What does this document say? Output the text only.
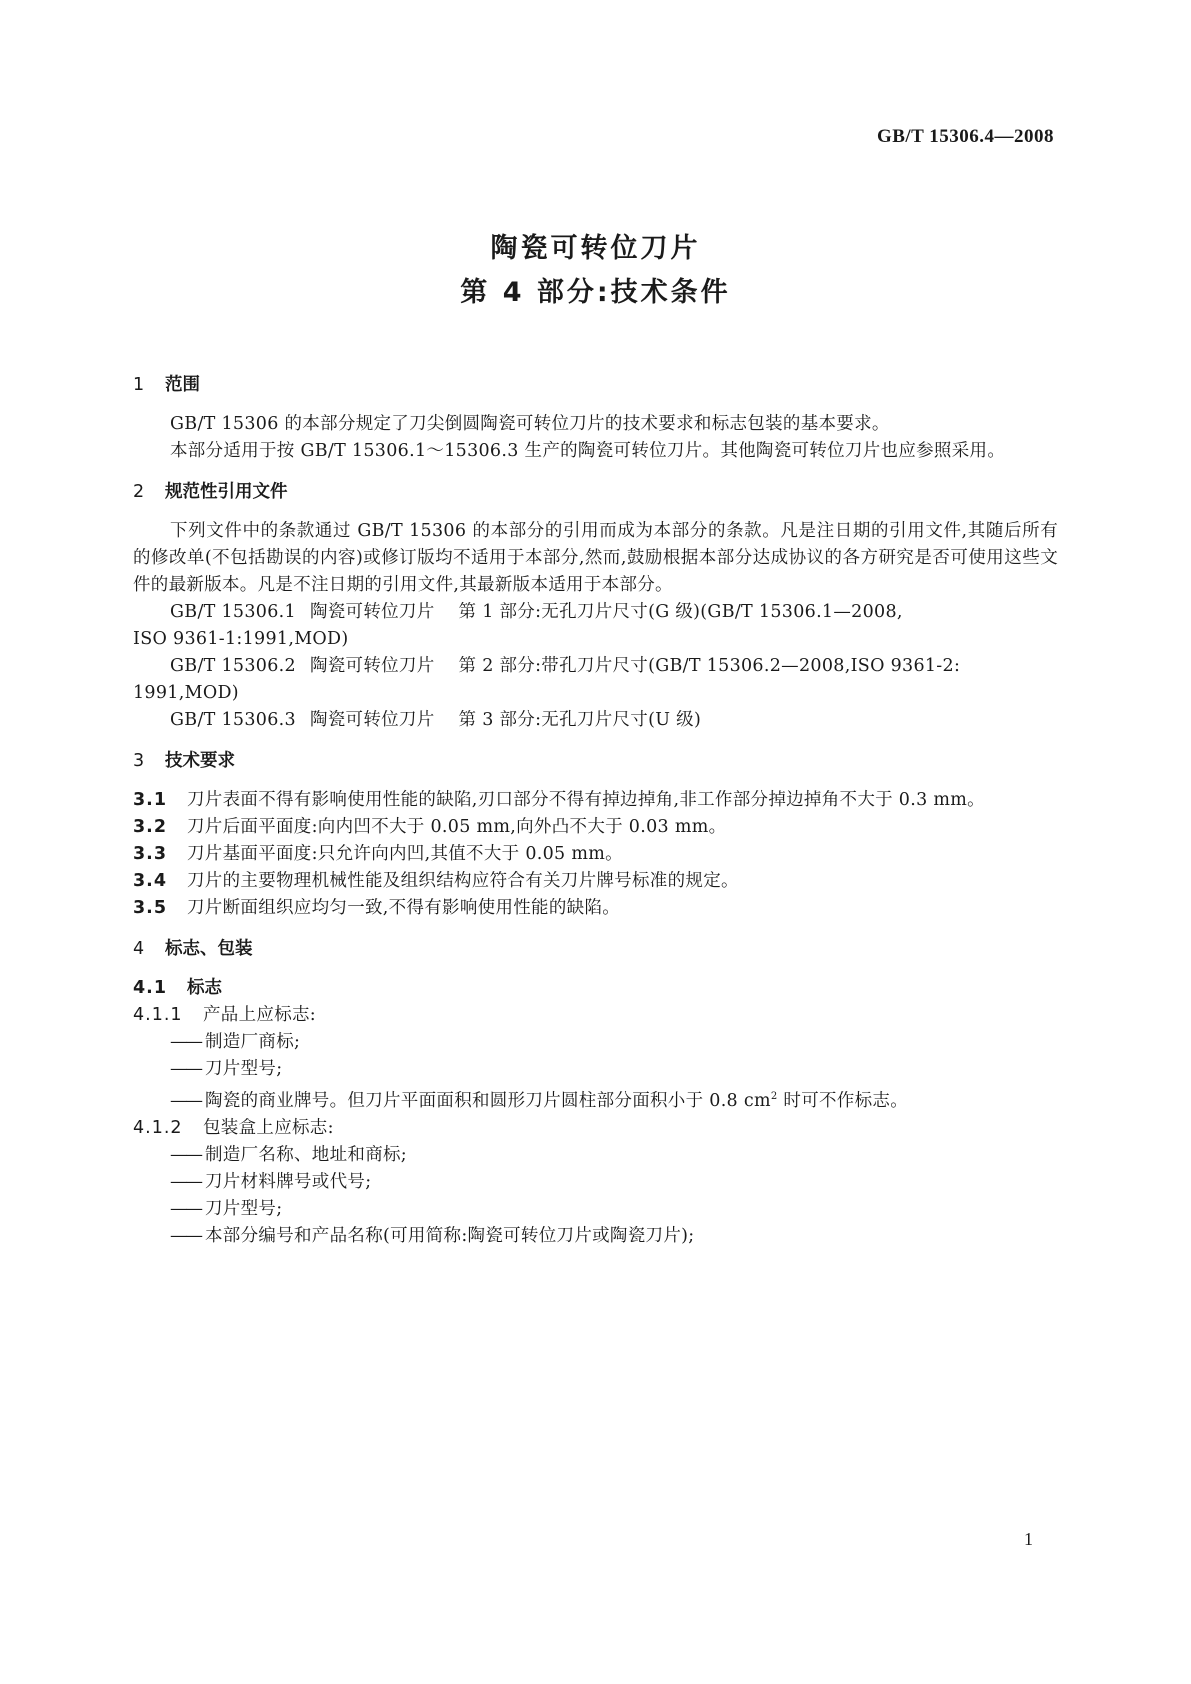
GB/T 15306.4—2008
陶瓷可转位刀片
第 4 部分:技术条件

1 范围

GB/T 15306 的本部分规定了刀尖倒圆陶瓷可转位刀片的技术要求和标志包装的基本要求。

本部分适用于按 GB/T 15306.1～15306.3 生产的陶瓷可转位刀片。其他陶瓷可转位刀片也应参照采用。

2 规范性引用文件

下列文件中的条款通过 GB/T 15306 的本部分的引用而成为本部分的条款。凡是注日期的引用文件,其随后所有的修改单(不包括勘误的内容)或修订版均不适用于本部分,然而,鼓励根据本部分达成协议的各方研究是否可使用这些文件的最新版本。凡是不注日期的引用文件,其最新版本适用于本部分。

GB/T 15306.1 陶瓷可转位刀片 第 1 部分:无孔刀片尺寸(G 级)(GB/T 15306.1—2008,

ISO 9361-1:1991,MOD)

GB/T 15306.2 陶瓷可转位刀片 第 2 部分:带孔刀片尺寸(GB/T 15306.2—2008,ISO 9361-2:

1991,MOD)

GB/T 15306.3 陶瓷可转位刀片 第 3 部分:无孔刀片尺寸(U 级)

3 技术要求

3.1 刀片表面不得有影响使用性能的缺陷,刃口部分不得有掉边掉角,非工作部分掉边掉角不大于 0.3 mm。

3.2 刀片后面平面度:向内凹不大于 0.05 mm,向外凸不大于 0.03 mm。

3.3 刀片基面平面度:只允许向内凹,其值不大于 0.05 mm。

3.4 刀片的主要物理机械性能及组织结构应符合有关刀片牌号标准的规定。

3.5 刀片断面组织应均匀一致,不得有影响使用性能的缺陷。

4 标志、包装

4.1 标志

4.1.1 产品上应标志:

—— 制造厂商标;

—— 刀片型号;

—— 陶瓷的商业牌号。但刀片平面面积和圆形刀片圆柱部分面积小于 0.8 $cm^2$ 时可不作标志。

4.1.2 包装盒上应标志:

—— 制造厂名称、地址和商标;

—— 刀片材料牌号或代号;

—— 刀片型号;

—— 本部分编号和产品名称(可用简称:陶瓷可转位刀片或陶瓷刀片);

1
